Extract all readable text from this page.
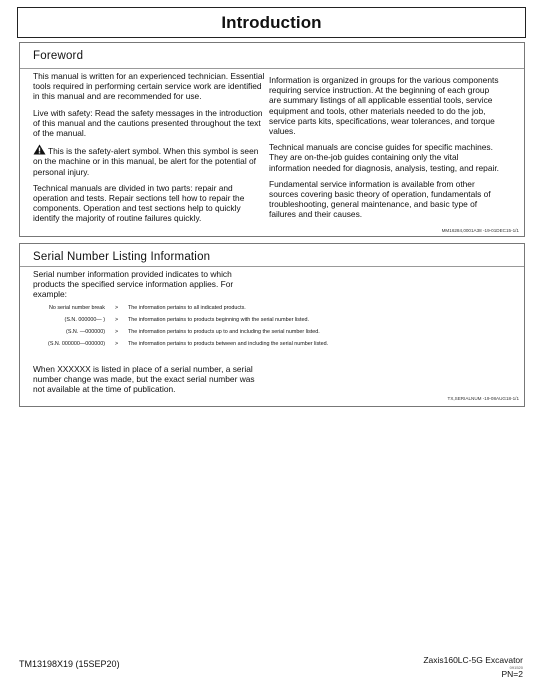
Introduction
Foreword

This manual is written for an experienced technician. Essential tools required in performing certain service work are identified in this manual and are recommended for use.

Live with safety: Read the safety messages in the introduction of this manual and the cautions presented throughout the text of the manual.

This is the safety-alert symbol. When this symbol is seen on the machine or in this manual, be alert for the potential of personal injury.

Technical manuals are divided in two parts: repair and operation and tests. Repair sections tell how to repair the components. Operation and test sections help to quickly identify the majority of routine failures quickly.

Information is organized in groups for the various components requiring service instruction. At the beginning of each group are summary listings of all applicable essential tools, service equipment and tools, other materials needed to do the job, service parts kits, specifications, wear tolerances, and torque values.

Technical manuals are concise guides for specific machines. They are on-the-job guides containing only the vital information needed for diagnosis, analysis, testing, and repair.

Fundamental service information is available from other sources covering basic theory of operation, fundamentals of troubleshooting, general maintenance, and basic type of failures and their causes.

MM16284,0001A38 -19-01DEC15-1/1
Serial Number Listing Information
Serial number information provided indicates to which products the specified service information applies. For example:
No serial number break > The information pertains to all indicated products.
(S.N. 000000— ) > The information pertains to products beginning with the serial number listed.
(S.N. —000000) > The information pertains to products up to and including the serial number listed.
(S.N. 000000—000000) > The information pertains to products between and including the serial number listed.
When XXXXXX is listed in place of a serial number, a serial number change was made, but the exact serial number was not available at the time of publication.
TX,SERIALNUM -19-08AUG18-1/1
TM13198X19 (15SEP20)	Zaxis160LC-5G Excavator
091520
PN=2
